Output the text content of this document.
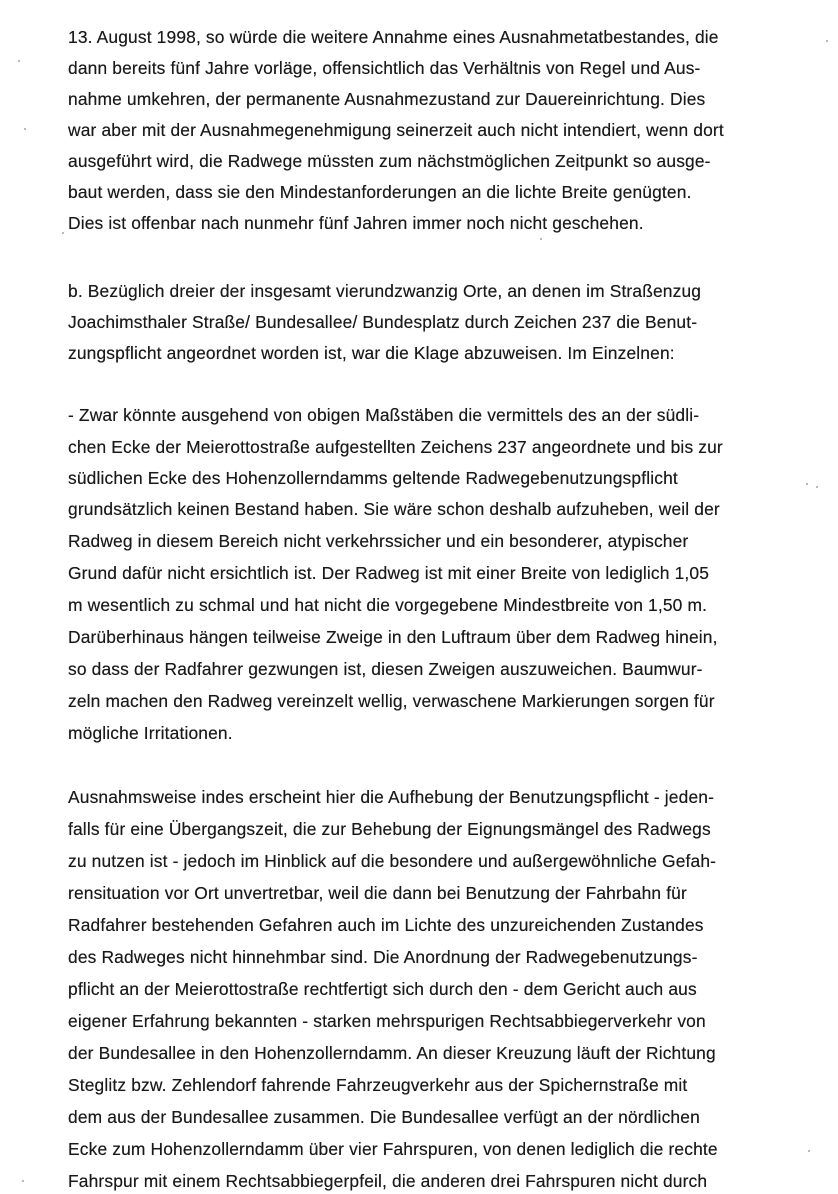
13. August 1998, so würde die weitere Annahme eines Ausnahmetatbestandes, die

dann bereits fünf Jahre vorläge, offensichtlich das Verhältnis von Regel und Aus-

nahme umkehren, der permanente Ausnahmezustand zur Dauereinrichtung. Dies

war aber mit der Ausnahmegenehmigung seinerzeit auch nicht intendiert, wenn dort

ausgeführt wird, die Radwege müssten zum nächstmöglichen Zeitpunkt so ausge-

baut werden, dass sie den Mindestanforderungen an die lichte Breite genügten.

Dies ist offenbar nach nunmehr fünf Jahren immer noch nicht geschehen.

b. Bezüglich dreier der insgesamt vierundzwanzig Orte, an denen im Straßenzug

Joachimsthaler Straße/ Bundesallee/ Bundesplatz durch Zeichen 237 die Benut-

zungspflicht angeordnet worden ist, war die Klage abzuweisen. Im Einzelnen:

- Zwar könnte ausgehend von obigen Maßstäben die vermittels des an der südli-

chen Ecke der Meierottostraße aufgestellten Zeichens 237 angeordnete und bis zur

südlichen Ecke des Hohenzollerndamms geltende Radwegebenutzungspflicht

grundsätzlich keinen Bestand haben. Sie wäre schon deshalb aufzuheben, weil der

Radweg in diesem Bereich nicht verkehrssicher und ein besonderer, atypischer

Grund dafür nicht ersichtlich ist. Der Radweg ist mit einer Breite von lediglich 1,05

m wesentlich zu schmal und hat nicht die vorgegebene Mindestbreite von 1,50 m.

Darüberhinaus hängen teilweise Zweige in den Luftraum über dem Radweg hinein,

so dass der Radfahrer gezwungen ist, diesen Zweigen auszuweichen. Baumwur-

zeln machen den Radweg vereinzelt wellig, verwaschene Markierungen sorgen für

mögliche Irritationen.

Ausnahmsweise indes erscheint hier die Aufhebung der Benutzungspflicht - jeden-

falls für eine Übergangszeit, die zur Behebung der Eignungsmängel des Radwegs

zu nutzen ist - jedoch im Hinblick auf die besondere und außergewöhnliche Gefah-

rensituation vor Ort unvertretbar, weil die dann bei Benutzung der Fahrbahn für

Radfahrer bestehenden Gefahren auch im Lichte des unzureichenden Zustandes

des Radweges nicht hinnehmbar sind. Die Anordnung der Radwegebenutzungs-

pflicht an der Meierottostraße rechtfertigt sich durch den - dem Gericht auch aus

eigener Erfahrung bekannten - starken mehrspurigen Rechtsabbiegerverkehr von

der Bundesallee in den Hohenzollerndamm. An dieser Kreuzung läuft der Richtung

Steglitz bzw. Zehlendorf fahrende Fahrzeugverkehr aus der Spichernstraße mit

dem aus der Bundesallee zusammen. Die Bundesallee verfügt an der nördlichen

Ecke zum Hohenzollerndamm über vier Fahrspuren, von denen lediglich die rechte

Fahrspur mit einem Rechtsabbiegerpfeil, die anderen drei Fahrspuren nicht durch
